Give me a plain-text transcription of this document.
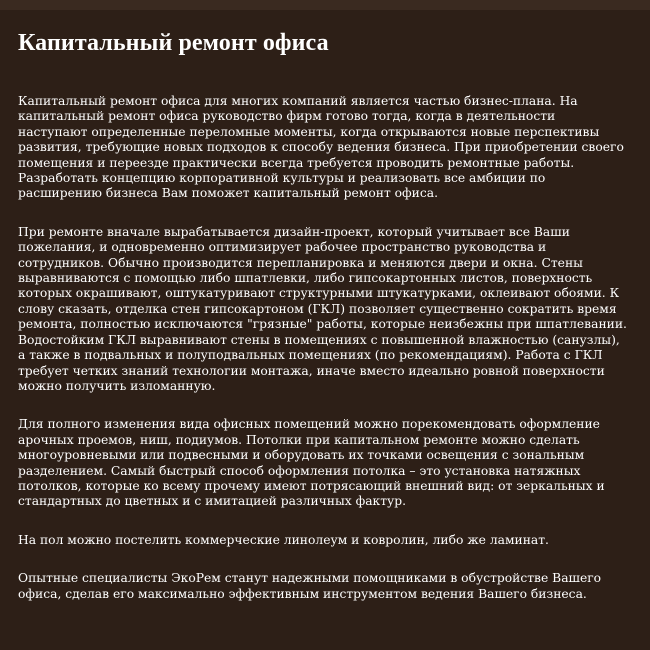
Капитальный ремонт офиса

Капитальный ремонт офиса для многих компаний является частью бизнес-плана. На капитальный ремонт офиса руководство фирм готово тогда, когда в деятельности наступают определенные переломные моменты, когда открываются новые перспективы развития, требующие новых подходов к способу ведения бизнеса. При приобретении своего помещения и переезде практически всегда требуется проводить ремонтные работы. Разработать концепцию корпоративной культуры и реализовать все амбиции по расширению бизнеса Вам поможет капитальный ремонт офиса.

При ремонте вначале вырабатывается дизайн-проект, который учитывает все Ваши пожелания, и одновременно оптимизирует рабочее пространство руководства и сотрудников. Обычно производится перепланировка и меняются двери и окна. Стены выравниваются с помощью либо шпатлевки, либо гипсокартонных листов, поверхность которых окрашивают, оштукатуривают структурными штукатурками, оклеивают обоями. К слову сказать, отделка стен гипсокартоном (ГКЛ) позволяет существенно сократить время ремонта, полностью исключаются "грязные" работы, которые неизбежны при шпатлевании. Водостойким ГКЛ выравнивают стены в помещениях с повышенной влажностью (санузлы), а также в подвальных и полуподвальных помещениях (по рекомендациям). Работа с ГКЛ требует четких знаний технологии монтажа, иначе вместо идеально ровной поверхности можно получить изломанную.

Для полного изменения вида офисных помещений можно порекомендовать оформление арочных проемов, ниш, подиумов. Потолки при капитальном ремонте можно сделать многоуровневыми или подвесными и оборудовать их точками освещения с зональным разделением. Самый быстрый способ оформления потолка – это установка натяжных потолков, которые ко всему прочему имеют потрясающий внешний вид: от зеркальных и стандартных до цветных и с имитацией различных фактур.

На пол можно постелить коммерческие линолеум и ковролин, либо же ламинат.

Опытные специалисты ЭкоРем станут надежными помощниками в обустройстве Вашего офиса, сделав его максимально эффективным инструментом ведения Вашего бизнеса.
